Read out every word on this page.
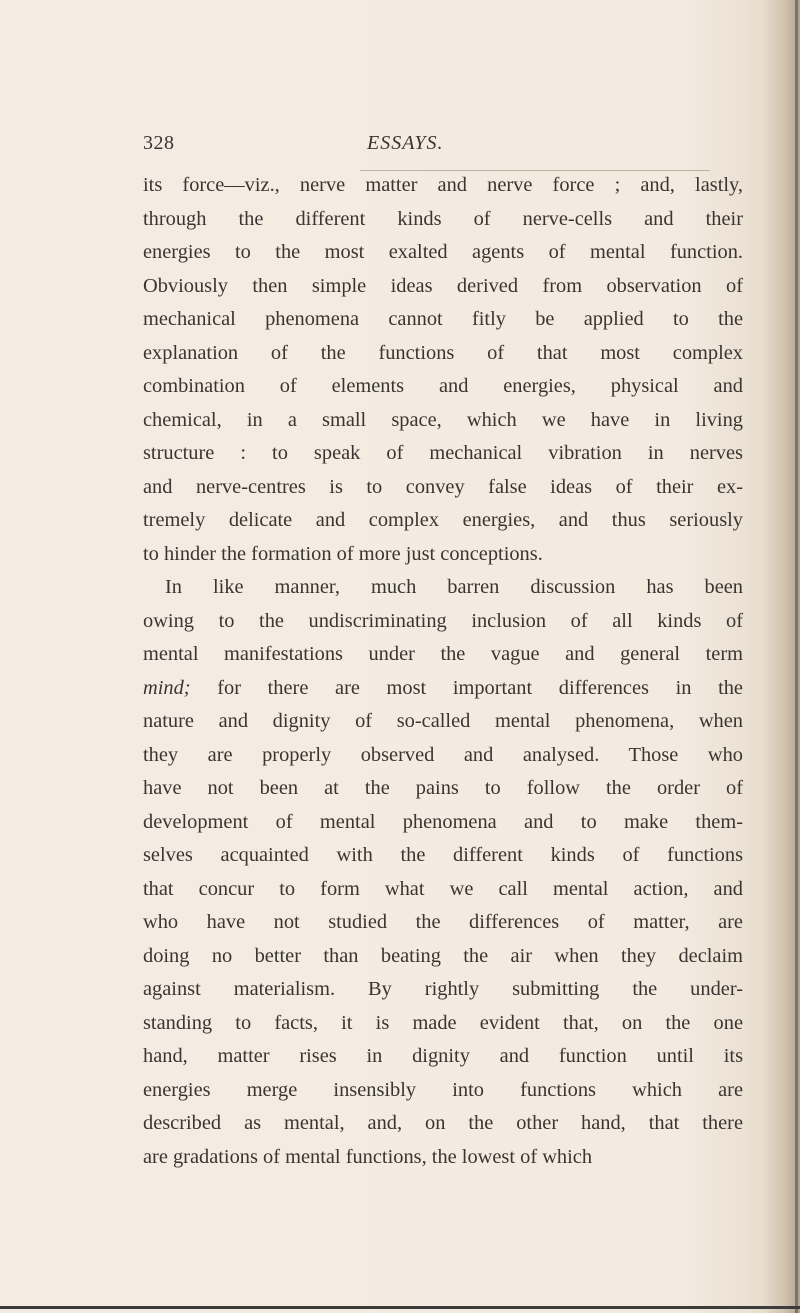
328	ESSAYS.
its force—viz., nerve matter and nerve force ; and, lastly,
through the different kinds of nerve-cells and their
energies to the most exalted agents of mental function.
Obviously then simple ideas derived from observation of
mechanical phenomena cannot fitly be applied to the
explanation of the functions of that most complex
combination of elements and energies, physical and
chemical, in a small space, which we have in living
structure : to speak of mechanical vibration in nerves
and nerve-centres is to convey false ideas of their ex-
tremely delicate and complex energies, and thus seriously
to hinder the formation of more just conceptions.
In like manner, much barren discussion has been
owing to the undiscriminating inclusion of all kinds of
mental manifestations under the vague and general term
mind; for there are most important differences in the
nature and dignity of so-called mental phenomena, when
they are properly observed and analysed. Those who
have not been at the pains to follow the order of
development of mental phenomena and to make them-
selves acquainted with the different kinds of functions
that concur to form what we call mental action, and
who have not studied the differences of matter, are
doing no better than beating the air when they declaim
against materialism. By rightly submitting the under-
standing to facts, it is made evident that, on the one
hand, matter rises in dignity and function until its
energies merge insensibly into functions which are
described as mental, and, on the other hand, that there
are gradations of mental functions, the lowest of which
